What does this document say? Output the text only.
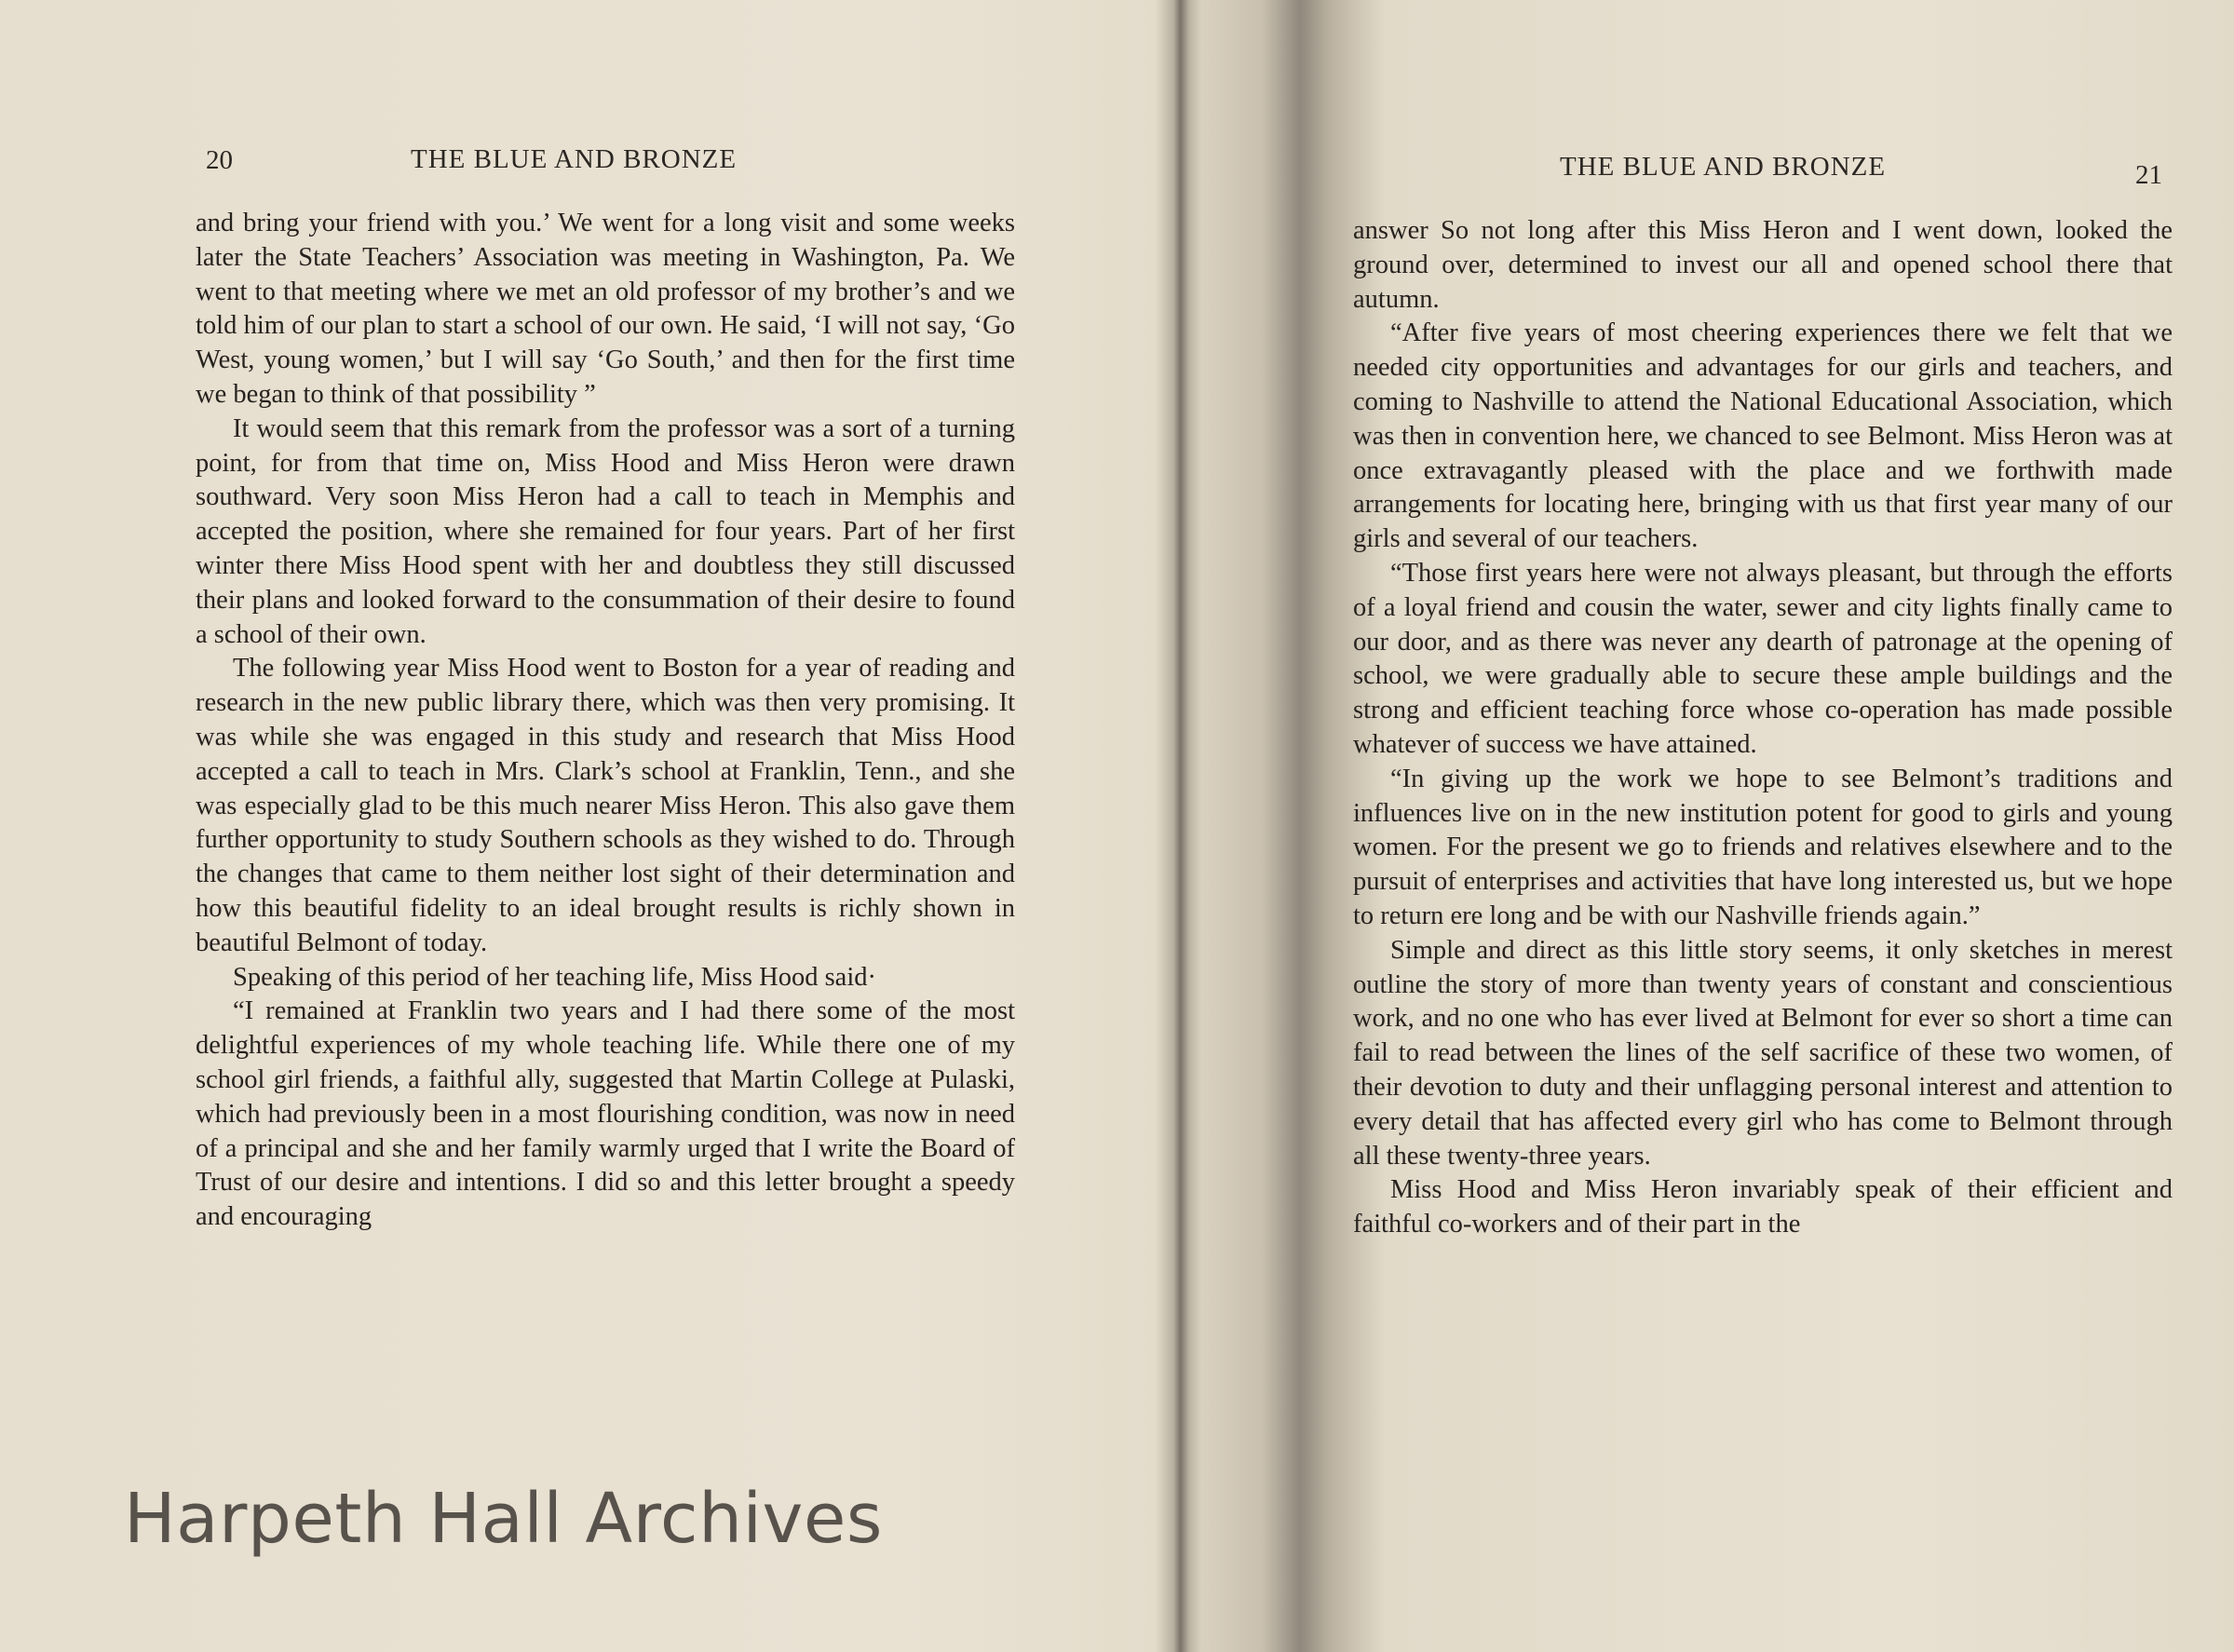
20	THE BLUE AND BRONZE

and bring your friend with you.’ We went for a long visit and some weeks later the State Teachers’ Association was meeting in Washington, Pa. We went to that meeting where we met an old professor of my brother’s and we told him of our plan to start a school of our own. He said, ‘I will not say, ‘Go West, young women,’ but I will say ‘Go South,’ and then for the first time we began to think of that possibility ”

It would seem that this remark from the professor was a sort of a turning point, for from that time on, Miss Hood and Miss Heron were drawn southward. Very soon Miss Heron had a call to teach in Memphis and accepted the position, where she remained for four years. Part of her first winter there Miss Hood spent with her and doubtless they still discussed their plans and looked forward to the consummation of their desire to found a school of their own.

The following year Miss Hood went to Boston for a year of reading and research in the new public library there, which was then very promising. It was while she was engaged in this study and research that Miss Hood accepted a call to teach in Mrs. Clark’s school at Franklin, Tenn., and she was especially glad to be this much nearer Miss Heron. This also gave them further opportunity to study Southern schools as they wished to do. Through the changes that came to them neither lost sight of their determination and how this beautiful fidelity to an ideal brought results is richly shown in beautiful Belmont of today.

Speaking of this period of her teaching life, Miss Hood said·

“I remained at Franklin two years and I had there some of the most delightful experiences of my whole teaching life. While there one of my school girl friends, a faithful ally, suggested that Martin College at Pulaski, which had previously been in a most flourishing condition, was now in need of a principal and she and her family warmly urged that I write the Board of Trust of our desire and intentions. I did so and this letter brought a speedy and encouraging

THE BLUE AND BRONZE	21

answer So not long after this Miss Heron and I went down, looked the ground over, determined to invest our all and opened school there that autumn.

“After five years of most cheering experiences there we felt that we needed city opportunities and advantages for our girls and teachers, and coming to Nashville to attend the National Educational Association, which was then in convention here, we chanced to see Belmont. Miss Heron was at once extravagantly pleased with the place and we forthwith made arrangements for locating here, bringing with us that first year many of our girls and several of our teachers.

“Those first years here were not always pleasant, but through the efforts of a loyal friend and cousin the water, sewer and city lights finally came to our door, and as there was never any dearth of patronage at the opening of school, we were gradually able to secure these ample buildings and the strong and efficient teaching force whose co-operation has made possible whatever of success we have attained.

“In giving up the work we hope to see Belmont’s traditions and influences live on in the new institution potent for good to girls and young women. For the present we go to friends and relatives elsewhere and to the pursuit of enterprises and activities that have long interested us, but we hope to return ere long and be with our Nashville friends again.”

Simple and direct as this little story seems, it only sketches in merest outline the story of more than twenty years of constant and conscientious work, and no one who has ever lived at Belmont for ever so short a time can fail to read between the lines of the self sacrifice of these two women, of their devotion to duty and their unflagging personal interest and attention to every detail that has affected every girl who has come to Belmont through all these twenty-three years.

Miss Hood and Miss Heron invariably speak of their efficient and faithful co-workers and of their part in the

Harpeth Hall Archives
